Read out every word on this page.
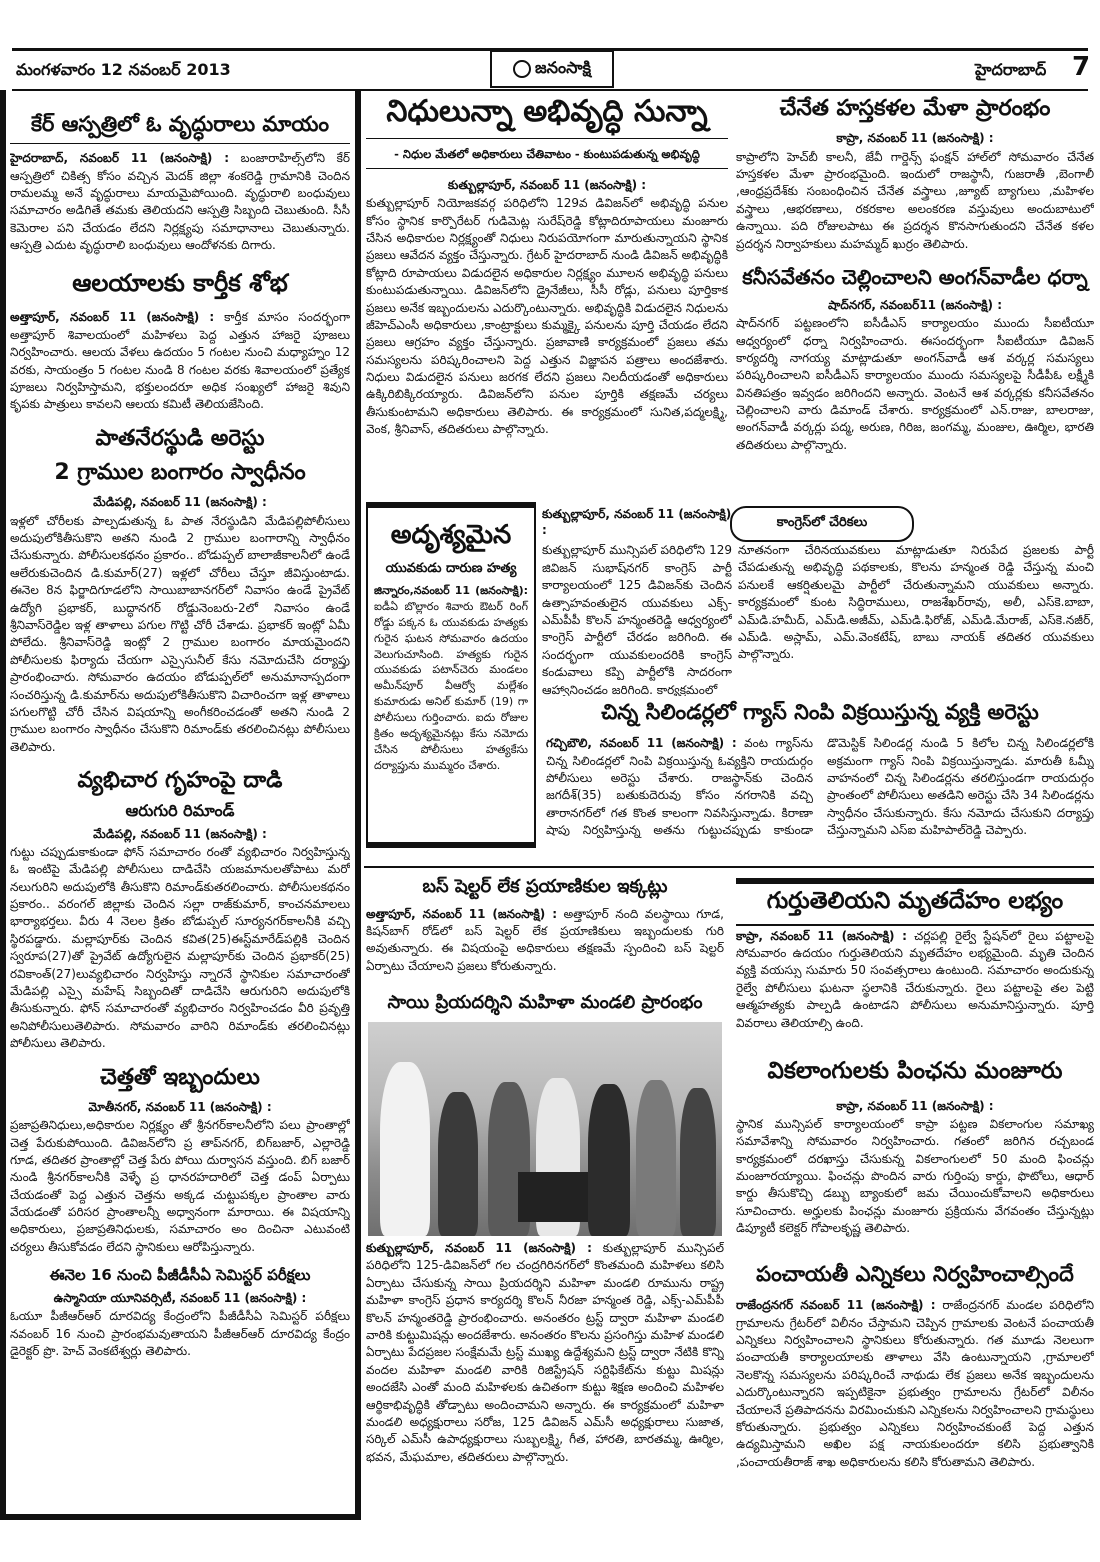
మంగళవారం 12 నవంబర్ 2013	జనంసాక్షి	హైదరాబాద్ 7

కేర్ ఆస్పత్రిలో ఓ వృద్ధురాలు మాయం

హైదరాబాద్, నవంబర్ 11 (జనంసాక్షి) : బంజారాహిల్స్‌లోని కేర్ ఆస్పత్రిలో చికిత్స కోసం వచ్చిన మెదక్ జిల్లా శంకరెడ్డి గ్రామానికి చెందిన రామలమ్మ అనే వృద్ధురాలు మాయమైపోయింది. వృద్ధురాలి బంధువులు సమాచారం అడిగితే తమకు తెలియదని ఆస్పత్రి సిబ్బంది చెబుతుంది. సీసీ కెమెరాల పని చేయడం లేదని నిర్లక్ష్యపు సమాధానాలు చెబుతున్నారు. ఆస్పత్రి ఎదుట వృద్ధురాలి బంధువులు ఆందోళనకు దిగారు.

ఆలయాలకు కార్తీక శోభ

అత్తాపూర్, నవంబర్ 11 (జనంసాక్షి) : కార్తీక మాసం సందర్భంగా అత్తాపూర్ శివాలయంలో మహిళలు పెద్ద ఎత్తున హాజరై పూజలు నిర్వహించారు. ఆలయ వేళలు ఉదయం 5 గంటల నుంచి మధ్యాహ్నం 12 వరకు, సాయంత్రం 5 గంటల నుండి 8 గంటల వరకు శివాలయంలో ప్రత్యేక పూజలు నిర్వహిస్తామని, భక్తులందరూ అధిక సంఖ్యలో హాజరై శివుని కృపకు పాత్రులు కావలని ఆలయ కమిటీ తెలియజేసింది.

పాతనేరస్థుడి అరెస్టు

2 గ్రాముల బంగారం స్వాధీనం

మేడిపల్లి, నవంబర్ 11 (జనంసాక్షి) :

ఇళ్లలో చోరీలకు పాల్పడుతున్న ఓ పాత నేరస్థుడిని మేడిపల్లిపోలీసులు అదుపులోకితీసుకొని అతని నుండి 2 గ్రాముల బంగారాన్ని స్వాధీనం చేసుకున్నారు. పోలీసులకథనం ప్రకారం.. బోడుప్పల్ బాలాజీకాలనీలో ఉండే ఆలేరుకుచెందిన డి.కుమార్(27) ఇళ్లలో చోరీలు చేస్తూ జీవిస్తుంటాడు. ఈనెల 8న ఫిర్జాదిగూడలోని సాయిబాబానగర్‌లో నివాసం ఉండే ప్రైవేట్ ఉద్యోగి ప్రభాకర్, బుద్ధానగర్ రోడ్డునెంబరు-2లో నివాసం ఉండే శ్రీనివాస్‌రెడ్డిల ఇళ్ల తాళాలు పగుల గొట్టి చోరీ చేశాడు. ప్రభాకర్ ఇంట్లో ఏమీ పోలేదు. శ్రీనివాస్‌రెడ్డి ఇంట్లో 2 గ్రాముల బంగారం మాయమైందని పోలీసులకు ఫిర్యాదు చేయగా ఎస్సైసునీల్ కేసు నమోదుచేసి దర్యాప్తు ప్రారంభించారు. సోమవారం ఉదయం బోడుప్పల్‌లో అనుమానాస్పదంగా సంచరిస్తున్న డి.కుమార్‌ను అదుపులోకితీసుకొని విచారించగా ఇళ్ల తాళాలు పగులగొట్టి చోరీ చేసిన విషయాన్ని అంగీకరించడంతో అతని నుండి 2 గ్రాముల బంగారం స్వాధీనం చేసుకొని రిమాండ్‌కు తరలించినట్లు పోలీసులు తెలిపారు.

వ్యభిచార గృహంపై దాడి

ఆరుగురి రిమాండ్

మేడిపల్లి, నవంబర్ 11 (జనంసాక్షి) :

గుట్టు చప్పుడుకాకుండా ఫోన్ సమాచారం రంతో వ్యభిచారం నిర్వహిస్తున్న ఓ ఇంటిపై మేడిపల్లి పోలీసులు దాడిచేసి యజమానులతోపాటు మరో నలుగురిని అదుపులోకి తీసుకొని రిమాండ్‌కుతరలించారు. పోలీసులకథనం ప్రకారం.. వరంగల్ జిల్లాకు చెందిన సల్లా రాజ్‌కుమార్, కాంచనమాలలు భార్యాభర్తలు. వీరు 4 నెలల క్రితం బోడుప్పల్ సూర్యనగర్‌కాలనీకి వచ్చి స్థిరపడ్డారు. మల్లాపూర్‌కు చెందిన కవిత(25)ఈస్ట్‌మారేడ్‌పల్లికి చెందిన స్వరూప(27)తో ప్రైవేట్ ఉద్యోగులైన మల్లాపూర్‌కు చెందిన ప్రభాకర్(25) రవికాంత్(27)లువ్యభిచారం నిర్వహిస్తు న్నారనే స్థానికుల సమాచారంతో మేడిపల్లి ఎస్సై మహేష్ సిబ్బందితో దాడిచేసి ఆరుగురిని అదుపులోకి తీసుకున్నారు. ఫోన్ సమాచారంతో వ్యభిచారం నిర్వహించడం వీరి ప్రవృత్తి అనిపోలీసులుతెలిపారు. సోమవారం వారిని రిమాండ్‌కు తరలించినట్లు పోలీసులు తెలిపారు.

చెత్తతో ఇబ్బందులు

మోతీనగర్, నవంబర్ 11 (జనంసాక్షి) :

ప్రజాప్రతినిధులు,అధికారుల నిర్లక్ష్యం తో శ్రీనగర్‌కాలనీలోని పలు ప్రాంతాల్లో చెత్త పేరుకుపోయింది. డివిజన్‌లోని ప్ర తాప్‌నగర్, బిగ్‌బజార్, ఎల్లారెడ్డి గూడ, తదితర ప్రాంతాల్లో చెత్త పేరు పోయి దుర్వాసన వస్తుంది. బిగ్ బజార్ నుండి శ్రీనగర్‌కాలనీకి వెళ్ళే ప్ర ధానరహదారిలో చెత్త డంప్ ఏర్పాటు చేయడంతో పెద్ద ఎత్తున చెత్తను అక్కడ చుట్టుపక్కల ప్రాంతాల వారు వేయడంతో పరిసర ప్రాంతాలన్నీ అధ్వానంగా మారాయి. ఈ విషయాన్ని అధికారులు, ప్రజాప్రతినిధులకు, సమాచారం అం దించినా ఎటువంటి చర్యలు తీసుకోవడం లేదని స్థానికులు ఆరోపిస్తున్నారు.

ఈనెల 16 నుంచి పీజీడీసీఏ సెమిస్టర్ పరీక్షలు

ఉస్మానియా యూనివర్సిటీ, నవంబర్ 11 (జనంసాక్షి) :

ఓయూ పీజీఆర్ఆర్ దూరవిద్య కేంద్రంలోని పీజీడీసీఏ సెమిస్టర్ పరీక్షలు నవంబర్ 16 నుంచి ప్రారంభమవుతాయని పీజీఆర్ఆర్ దూరవిద్య కేంద్రం డైరెక్టర్ ప్రొ. హెచ్ వెంకటేశ్వర్లు తెలిపారు.

నిధులున్నా అభివృద్ధి సున్నా

- నిధుల మేతలో అధికారులు చేతివాటం - కుంటుపడుతున్న అభివృద్ధి

కుత్బుల్లాపూర్, నవంబర్ 11 (జనంసాక్షి) :

కుత్బుల్లాపూర్ నియోజకవర్గ పరిధిలోని 129వ డివిజన్‌లో అభివృద్ధి పనుల కోసం స్థానిక కార్పొరేటర్ గుడిమెట్ల సురేష్‌రెడ్డి కోట్లాదిరూపాయలు మంజూరు చేసిన అధికారుల నిర్లక్ష్యంతో నిధులు నిరుపయోగంగా మారుతున్నాయని స్థానిక ప్రజలు ఆవేదన వ్యక్తం చేస్తున్నారు. గ్రేటర్ హైదరాబాద్ నుండి డివిజన్ అభివృద్ధికి కోట్లాది రూపాయలు విడుదలైన అధికారుల నిర్లక్ష్యం మూలన అభివృద్ధి పనులు కుంటుపడుతున్నాయి. డివిజన్‌లోని డ్రైనేజీలు, సీసీ రోడ్లు, పనులు పూర్తికాక ప్రజలు అనేక ఇబ్బందులను ఎదుర్కొంటున్నారు. అభివృద్ధికి విడుదలైన నిధులను జీహెచ్‌ఎంసీ అధికారులు ,కాంట్రాక్టులు కుమ్మక్కై పనులను పూర్తి చేయడం లేదని ప్రజలు ఆగ్రహం వ్యక్తం చేస్తున్నారు. ప్రజావాణి కార్యక్రమంలో ప్రజలు తమ సమస్యలను పరిష్కరించాలని పెద్ద ఎత్తున విజ్ఞాపన పత్రాలు అందజేశారు. నిధులు విడుదలైన పనులు జరగక లేదని ప్రజలు నిలదీయడంతో అధికారులు ఉక్కిరిబిక్కిరయ్యారు. డివిజన్‌లోని పనుల పూర్తికి తక్షణమే చర్యలు తీసుకుంటామని అధికారులు తెలిపారు. ఈ కార్యక్రమంలో సునిత,పద్మలక్ష్మి, వెంక, శ్రీనివాస్, తదితరులు పాల్గొన్నారు.

చేనేత హస్తకళల మేళా ప్రారంభం

కాప్రా, నవంబర్ 11 (జనంసాక్షి) :

కాప్రాలోని హెచ్‌బీ కాలనీ, జేవీ గార్డెన్స్ ఫంక్షన్ హాల్‌లో సోమవారం చేనేత హస్తకళల మేళా ప్రారంభమైంది. ఇందులో రాజస్థానీ, గుజరాతీ ,బెంగాలీ ,ఆంధ్రప్రదేశ్‌కు సంబంధించిన చేనేత వస్త్రాలు ,జ్యూట్ బ్యాగులు ,మహిళల వస్త్రాలు ,ఆభరణాలు, రకరకాల అలంకరణ వస్తువులు అందుబాటులో ఉన్నాయి. పది రోజులపాటు ఈ ప్రదర్శన కొనసాగుతుందని చేనేత కళల ప్రదర్శన నిర్వాహకులు మహమ్మద్ ఖుర్రం తెలిపారు.

కనీసవేతనం చెల్లించాలని అంగన్‌వాడీల ధర్నా

షాద్‌నగర్, నవంబర్11 (జనంసాక్షి) :

షాద్‌నగర్ పట్టణంలోని ఐసీడీఎస్ కార్యాలయం ముందు సీఐటీయూ ఆధ్వర్యంలో ధర్నా నిర్వహించారు. ఈసందర్భంగా సీఐటీయూ డివిజన్ కార్యదర్శి నాగయ్య మాట్లాడుతూ అంగన్‌వాడీ ఆశ వర్కర్ల సమస్యలు పరిష్కరించాలని ఐసీడీఎస్ కార్యాలయం ముందు సమస్యలపై సీడీపీఓ లక్ష్మీకి వినతిపత్రం ఇవ్వడం జరిగిందని అన్నారు. వెంటనే ఆశ వర్కర్లకు కనీసవేతనం చెల్లించాలని వారు డిమాండ్ చేశారు. కార్యక్రమంలో ఎన్.రాజు, బాలరాజు, అంగన్‌వాడీ వర్కర్లు పద్మ, అరుణ, గిరిజ, జంగమ్మ, మంజుల, ఊర్మిల, భారతి తదితరులు పాల్గొన్నారు.

అదృశ్యమైన

యువకుడు దారుణ హత్య

జిన్నారం,నవంబర్ 11 (జనంసాక్షి): ఐడీఏ బొల్లారం శివారు ఔటర్ రింగ్ రోడ్డు పక్కన ఓ యువకుడు హత్యకు గురైన ఘటన సోమవారం ఉదయం వెలుగుచూసింది. హత్యకు గురైన యువకుడు పటాన్‌చెరు మండలం అమీన్‌పూర్ వీఆర్వో మల్లేశం కుమారుడు అనిల్ కుమార్ (19) గా పోలీసులు గుర్తించారు. ఐదు రోజుల క్రితం అదృశ్యమైనట్లు కేసు నమోదు చేసిన పోలీసులు హత్యకేసు దర్యాప్తును ముమ్మరం చేశారు.

కుత్బుల్లాపూర్, నవంబర్ 11 (జనంసాక్షి) :

కుత్బుల్లాపూర్ మున్సిపల్ పరిధిలోని 129 జివిజన్ సుభాష్‌నగర్ కాంగ్రెస్ పార్టీ కార్యాలయంలో 125 డివిజన్‌కు చెందిన ఉత్సాహవంతులైన యువకులు ఎక్స్-ఎమ్‌పీపీ కొలన్ హన్మంతరెడ్డి ఆధ్వర్యంలో కాంగ్రెస్ పార్టీలో చేరడం జరిగింది. ఈ సందర్భంగా యువకులందరికి కాంగ్రెస్ కండువాలు కప్పి పార్టీలోకి సాదరంగా ఆహ్వానించడం జరిగింది. కార్యక్రమంలో

కాంగ్రెస్‌లో చేరికలు

నూతనంగా చేరినయువకులు మాట్లాడుతూ నిరుపేద ప్రజలకు పార్టీ చేపడుతున్న అభివృద్ధి పథకాలకు, కొలను హన్మంత రెడ్డి చేస్తున్న మంచి పనులకే ఆకర్షితులమై పార్టీలో చేరుతున్నామని యువకులు అన్నారు. కార్యక్రమంలో కుంట సిద్ధిరాములు, రాజశేఖర్‌రావు, అలీ, ఎస్‌కె.బాబా, ఎమ్‌డి.హమీద్, ఎమ్‌డి.అజీమ్, ఎమ్‌డి.ఫిరోజ్, ఎమ్‌డి.మేరాజ్, ఎస్‌కె.నజీర్, ఎమ్‌డి. అస్లామ్, ఎమ్.వెంకటేష్, బాబు నాయక్ తదితర యువకులు పాల్గొన్నారు.

చిన్న సిలిండర్లలో గ్యాస్ నింపి విక్రయిస్తున్న వ్యక్తి అరెస్టు

గచ్చిబౌలి, నవంబర్ 11 (జనంసాక్షి) : వంట గ్యాస్‌ను చిన్న సిలిండర్లలో నింపి విక్రయిస్తున్న ఓవ్యక్తిని రాయదుర్గం పోలీసులు అరెస్టు చేశారు. రాజస్థాన్‌కు చెందిన జగదీశ్(35) బతుకుదెరువు కోసం నగరానికి వచ్చి తారానగర్‌లో గత కొంత కాలంగా నివసిస్తున్నాడు. కిరాణా షాపు నిర్వహిస్తున్న అతను గుట్టుచప్పుడు కాకుండా డొమెస్టిక్ సిలిండర్ల నుండి 5 కిలోల చిన్న సిలిండర్లలోకి అక్రమంగా గ్యాస్ నింపి విక్రయిస్తున్నాడు. మారుతీ ఓమ్నీ వాహనంలో చిన్న సిలిండర్లను తరలిస్తుండగా రాయదుర్గం ప్రాంతంలో పోలీసులు అతడిని అరెస్టు చేసి 34 సిలిండర్లను స్వాధీనం చేసుకున్నారు. కేసు నమోదు చేసుకుని దర్యాప్తు చేస్తున్నామని ఎస్‌ఐ మహిపాల్‌రెడ్డి చెప్పారు.

బస్ షెల్టర్ లేక ప్రయాణికుల ఇక్కట్లు

అత్తాపూర్, నవంబర్ 11 (జనంసాక్షి) : అత్తాపూర్ నంది వలస్థాయి గూడ, కిషన్‌బాగ్ రోడ్‌లో బస్ షెల్టర్ లేక ప్రయాణికులు ఇబ్బందులకు గురి అవుతున్నారు. ఈ విషయంపై అధికారులు తక్షణమే స్పందించి బస్ షెల్టర్ ఏర్పాటు చేయాలని ప్రజలు కోరుతున్నారు.

సాయి ప్రియదర్శిని మహిళా మండలి ప్రారంభం

కుత్బుల్లాపూర్, నవంబర్ 11 (జనంసాక్షి) : కుత్బుల్లాపూర్ మున్సిపల్ పరిధిలోని 125-డివిజన్‌లో గల చంద్రగిరినగర్‌లో కొంతమంది మహిళలు కలిసి ఏర్పాటు చేసుకున్న సాయి ప్రియదర్శిని మహిళా మండలి రూమును రాష్ట్ర మహిళా కాంగ్రెస్ ప్రధాన కార్యదర్శి కొలన్ నీరజా హన్మంత రెడ్డి, ఎక్స్-ఎమ్‌పీపీ కొలన్ హన్మంతరెడ్డి ప్రారంభించారు. అనంతరం ట్రస్ట్ ద్వారా మహిళా మండలి వారికి కుట్టుమిషన్లు అందజేశారు. అనంతరం కొలను ప్రసంగిస్తు మహిళ మండలి ఏర్పాటు పేదప్రజల సంక్షేమమే ట్రస్ట్ ముఖ్య ఉద్దేశ్యమని ట్రస్ట్ ద్వారా నేటికి కొన్ని వందల మహిళా మండలి వారికి రిజిస్ట్రేషన్ సర్టిఫికేట్‌ను కుట్టు మిషన్లు అందజేసి ఎంతో మంది మహిళలకు ఉచితంగా కుట్టు శిక్షణ అందించి మహిళల ఆర్థికాభివృద్ధికి తోడ్పాటు అందించామని అన్నారు. ఈ కార్యక్రమంలో మహిళా మండలి అధ్యక్షురాలు సరోజ, 125 డివిజన్ ఎమ్‌సీ అధ్యక్షురాలు సుజాత, సర్కిల్ ఎమ్‌సీ ఉపాధ్యక్షురాలు సుబ్బలక్ష్మి, గీత, హారతి, బారతమ్మ, ఊర్మిల, భవన, మేఘమాల, తదితరులు పాల్గొన్నారు.

గుర్తుతెలియని మృతదేహం లభ్యం

కాప్రా, నవంబర్ 11 (జనంసాక్షి) : చర్లపల్లి రైల్వే స్టేషన్‌లో రైలు పట్టాలపై సోమవారం ఉదయం గుర్తుతెలియని మృతదేహం లభ్యమైంది. మృతి చెందిన వ్యక్తి వయస్సు సుమారు 50 సంవత్సరాలు ఉంటుంది. సమాచారం అందుకున్న రైల్వే పోలీసులు ఘటనా స్థలానికి చేరుకున్నారు. రైలు పట్టాలపై తల పెట్టి ఆత్మహత్యకు పాల్పడి ఉంటాడని పోలీసులు అనుమానిస్తున్నారు. పూర్తి వివరాలు తెలియాల్సి ఉంది.

వికలాంగులకు పింఛను మంజూరు

కాప్రా, నవంబర్ 11 (జనంసాక్షి) :

స్థానిక మున్సిపల్ కార్యాలయంలో కాప్రా పట్టణ వికలాంగుల సమాఖ్య సమావేశాన్ని సోమవారం నిర్వహించారు. గతంలో జరిగిన రచ్చబండ కార్యక్రమంలో దరఖాస్తు చేసుకున్న వికలాంగులలో 50 మంది ఫించన్లు మంజూరయ్యాయి. ఫించన్లు పొందిన వారు గుర్తింపు కార్డు, ఫొటోలు, ఆధార్ కార్డు తీసుకొచ్చి డబ్బు బ్యాంకులో జమ చేయించుకోవాలని అధికారులు సూచించారు. అర్హులకు పింఛన్లు మంజూరు ప్రక్రియను వేగవంతం చేస్తున్నట్లు డిప్యూటీ కలెక్టర్ గోపాలకృష్ణ తెలిపారు.

పంచాయతీ ఎన్నికలు నిర్వహించాల్సిందే

రాజేంద్రనగర్ నవంబర్ 11 (జనంసాక్షి) : రాజేంద్రనగర్ మండల పరిధిలోని గ్రామాలను గ్రేటర్‌లో విలీనం చేస్తామని చెప్పిన గ్రామాలకు వెంటనే పంచాయతీ ఎన్నికలు నిర్వహించాలని స్థానికులు కోరుతున్నారు. గత మూడు నెలలుగా పంచాయతీ కార్యాలయాలకు తాళాలు వేసి ఉంటున్నాయని ,గ్రామాలలో నెలకొన్న సమస్యలను పరిష్కరించే నాథుడు లేక ప్రజలు అనేక ఇబ్బందులను ఎదుర్కొంటున్నారని ఇప్పటికైనా ప్రభుత్వం గ్రామాలను గ్రేటర్‌లో విలీనం చేయాలనే ప్రతిపాదనను విరమించుకుని ఎన్నికలను నిర్వహించాలని గ్రామస్థులు కోరుతున్నారు. ప్రభుత్వం ఎన్నికలు నిర్వహించకుంటే పెద్ద ఎత్తున ఉద్యమిస్తామని అఖిల పక్ష నాయకులందరూ కలిసి ప్రభుత్వానికి ,పంచాయతీరాజ్ శాఖ అధికారులను కలిసి కోరుతామని తెలిపారు.
